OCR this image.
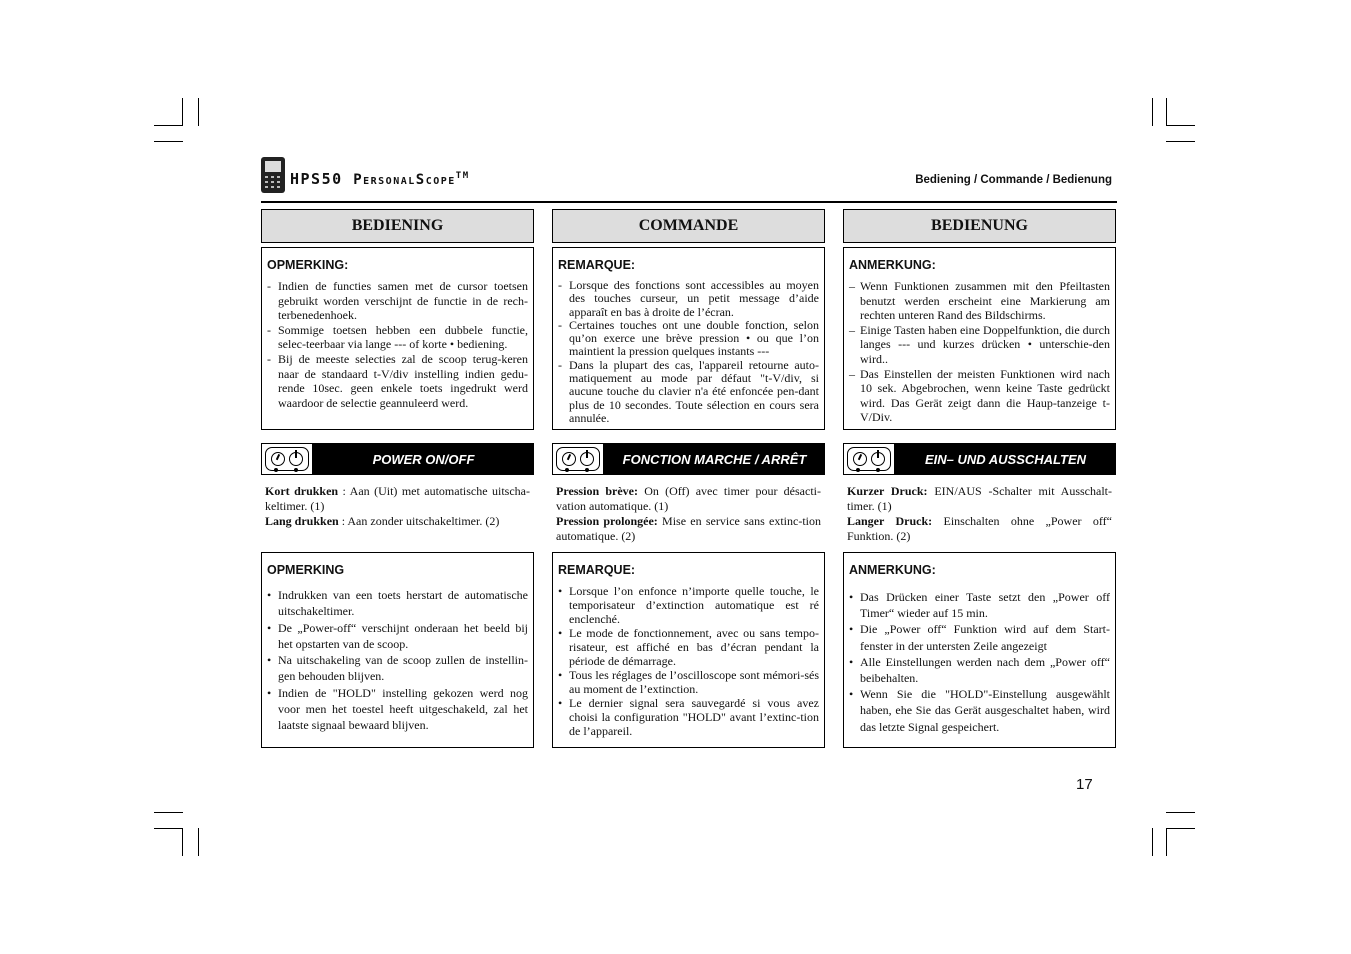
HPS50 PersonalScope™	Bediening / Commande / Bedienung
BEDIENING
OPMERKING:
- Indien de functies samen met de cursor toetsen gebruikt worden verschijnt de functie in de rech-terbenedenhoek.
- Sommige toetsen hebben een dubbele functie, selec-teerbaar via lange --- of korte • bediening.
- Bij de meeste selecties zal de scoop terug-keren naar de standaard t-V/div instelling indien gedu-rende 10sec. geen enkele toets ingedrukt werd waardoor de selectie geannuleerd werd.
POWER ON/OFF
Kort drukken : Aan (Uit) met automatische uitscha-keltimer. (1)
Lang drukken : Aan zonder uitschakeltimer. (2)
OPMERKING
• Indrukken van een toets herstart de automatische uitschakeltimer.
• De „Power-off“ verschijnt onderaan het beeld bij het opstarten van de scoop.
• Na uitschakeling van de scoop zullen de instellin-gen behouden blijven.
• Indien de "HOLD" instelling gekozen werd nog voor men het toestel heeft uitgeschakeld, zal het laatste signaal bewaard blijven.
COMMANDE
REMARQUE:
- Lorsque des fonctions sont accessibles au moyen des touches curseur, un petit message d’aide apparaît en bas à droite de l’écran.
- Certaines touches ont une double fonction, selon qu’on exerce une brève pression • ou que l’on maintient la pression quelques instants ---
- Dans la plupart des cas, l'appareil retourne auto-matiquement au mode par défaut "t-V/div, si aucune touche du clavier n'a été enfoncée pen-dant plus de 10 secondes. Toute sélection en cours sera annulée.
FONCTION MARCHE / ARRÊT
Pression brève: On (Off) avec timer pour désacti-vation automatique. (1)
Pression prolongée: Mise en service sans extinc-tion automatique. (2)
REMARQUE:
• Lorsque l’on enfonce n’importe quelle touche, le temporisateur d’extinction automatique est ré enclenché.
• Le mode de fonctionnement, avec ou sans tempo-risateur, est affiché en bas d’écran pendant la période de démarrage.
• Tous les réglages de l’oscilloscope sont mémori-sés au moment de l’extinction.
• Le dernier signal sera sauvegardé si vous avez choisi la configuration "HOLD" avant l’extinc-tion de l’appareil.
BEDIENUNG
ANMERKUNG:
– Wenn Funktionen zusammen mit den Pfeiltasten benutzt werden erscheint eine Markierung am rechten unteren Rand des Bildschirms.
– Einige Tasten haben eine Doppelfunktion, die durch langes --- und kurzes drücken • unterschie-den wird..
– Das Einstellen der meisten Funktionen wird nach 10 sek. Abgebrochen, wenn keine Taste gedrückt wird. Das Gerät zeigt dann die Haup-tanzeige t-V/Div.
EIN– UND AUSSCHALTEN
Kurzer Druck: EIN/AUS -Schalter mit Ausschalt-timer. (1)
Langer Druck: Einschalten ohne „Power off“ Funktion. (2)
ANMERKUNG:
• Das Drücken einer Taste setzt den „Power off Timer“ wieder auf 15 min.
• Die „Power off“ Funktion wird auf dem Start-fenster in der untersten Zeile angezeigt
• Alle Einstellungen werden nach dem „Power off“ beibehalten.
• Wenn Sie die "HOLD"-Einstellung ausgewählt haben, ehe Sie das Gerät ausgeschaltet haben, wird das letzte Signal gespeichert.
17
